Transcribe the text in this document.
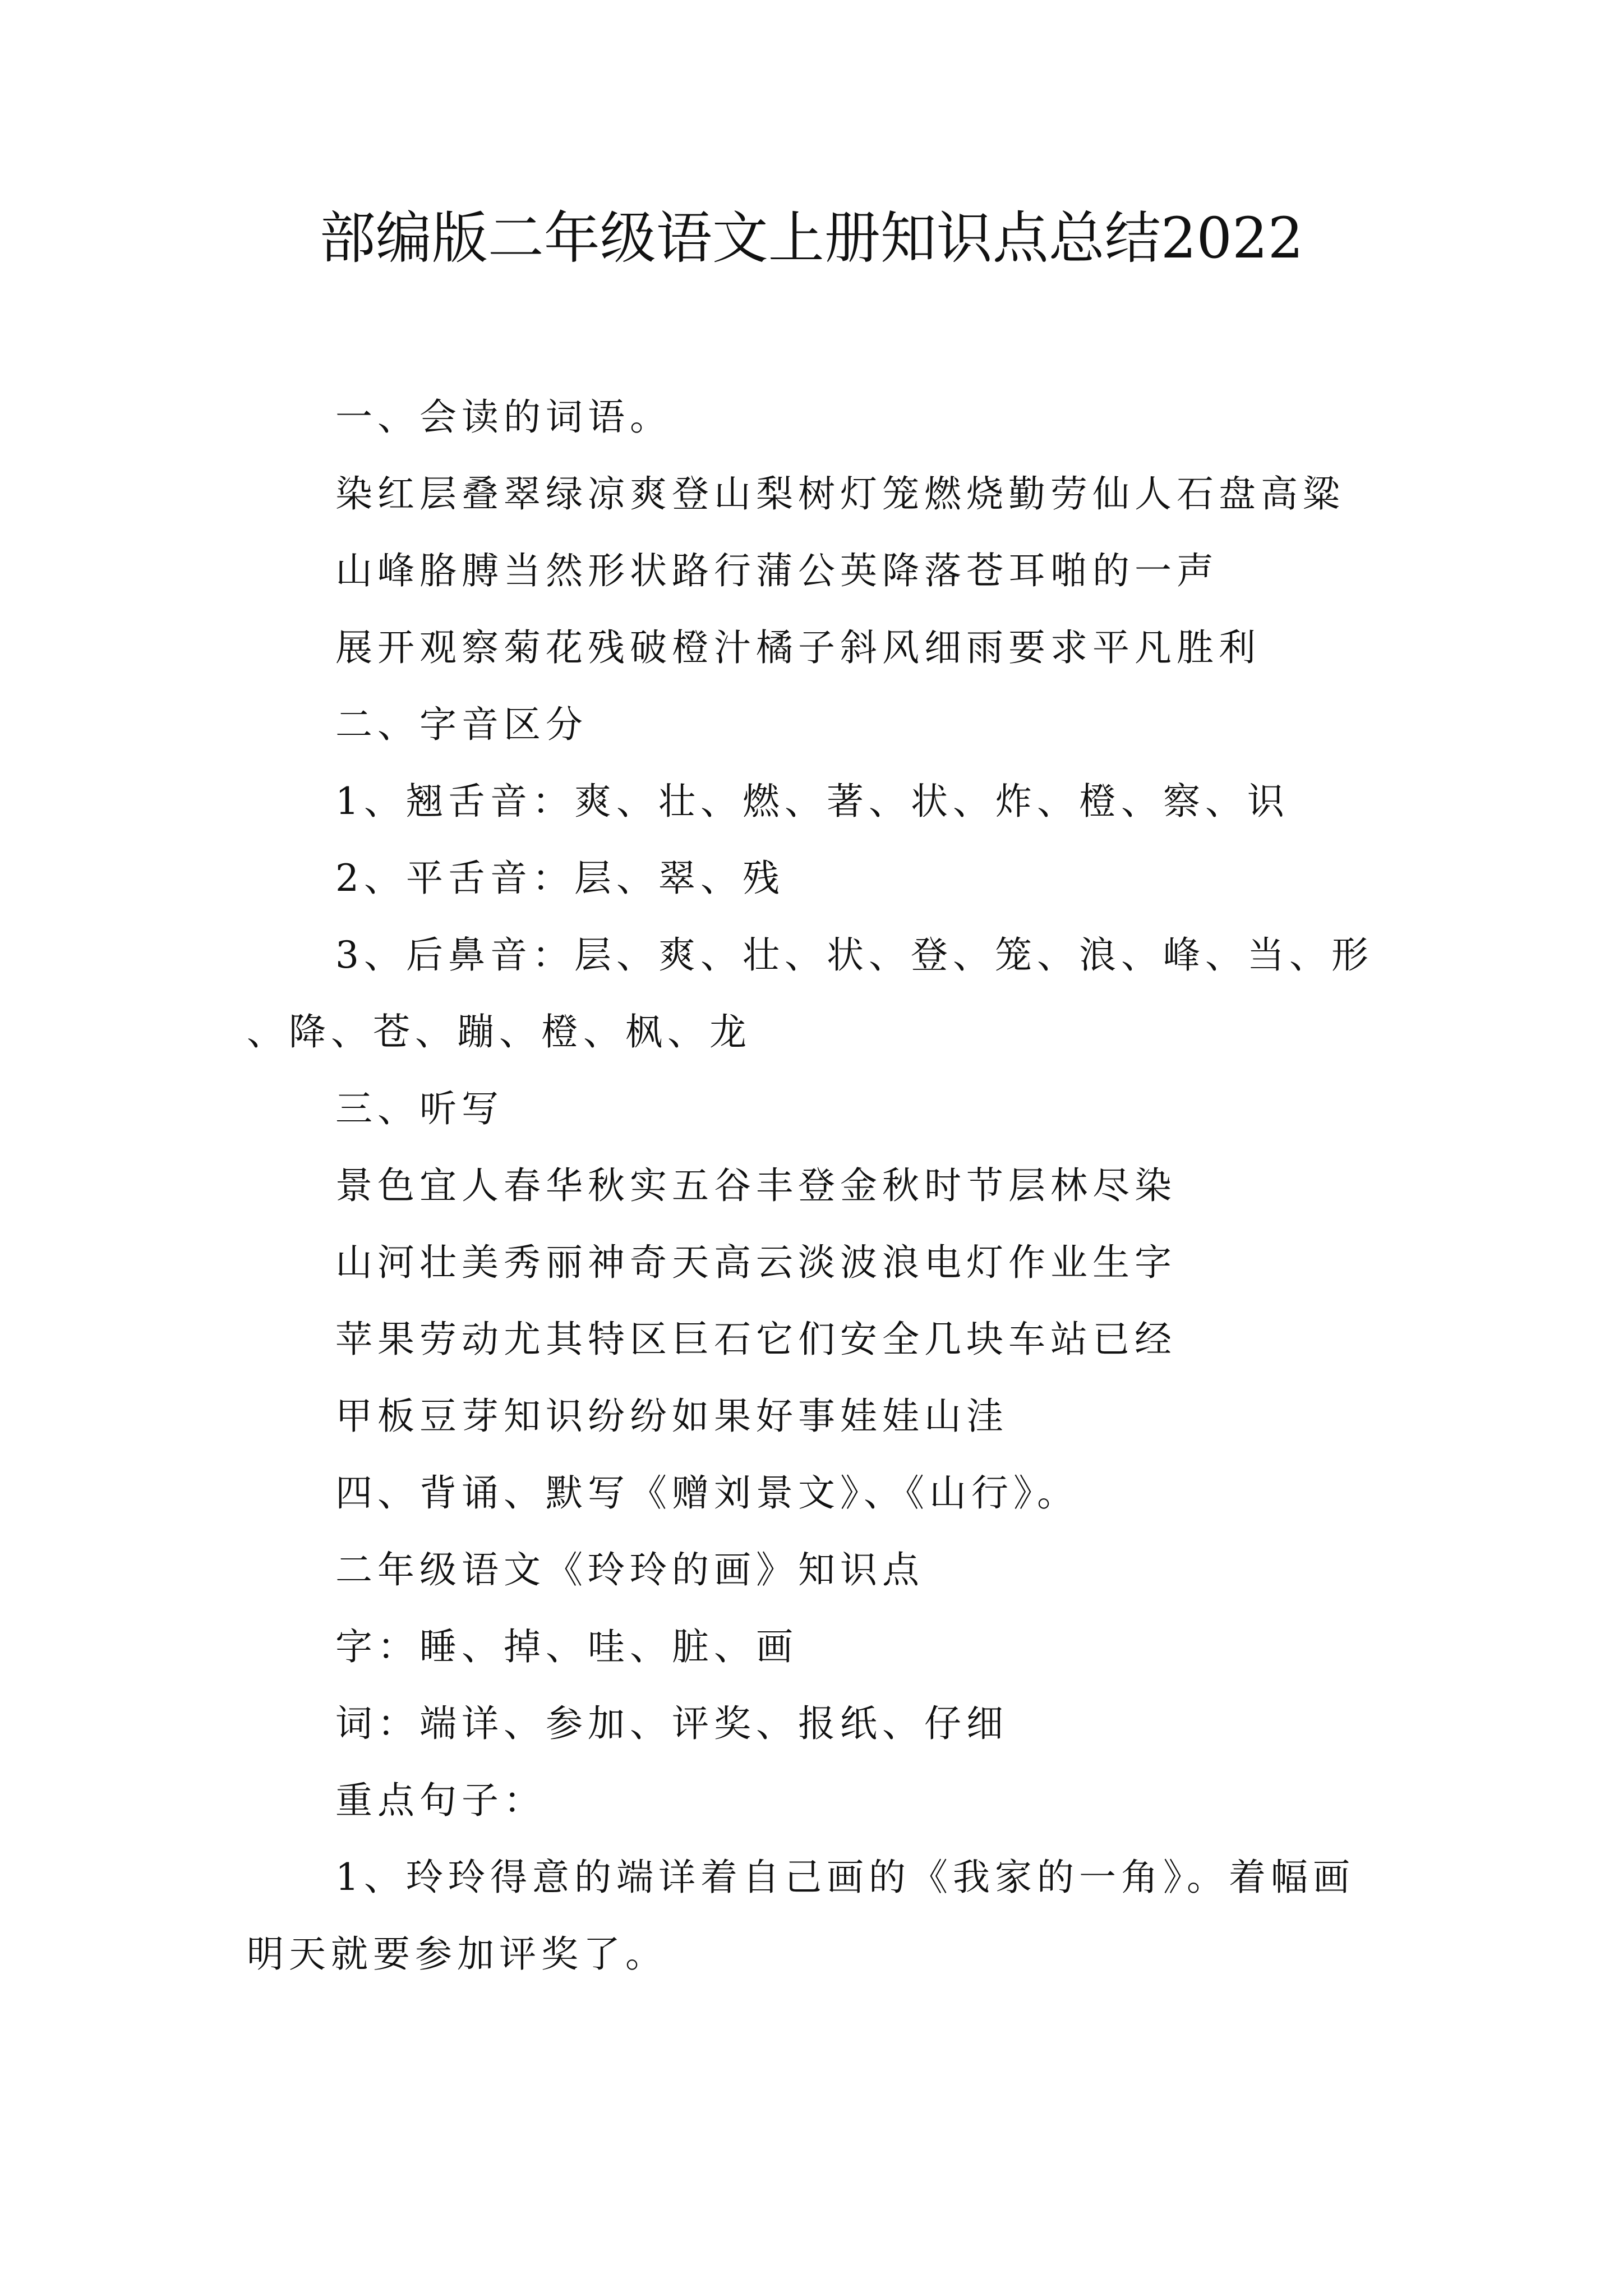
部编版二年级语文上册知识点总结2022

一、会读的词语。

染红层叠翠绿凉爽登山梨树灯笼燃烧勤劳仙人石盘高粱

山峰胳膊当然形状路行蒲公英降落苍耳啪的一声

展开观察菊花残破橙汁橘子斜风细雨要求平凡胜利

二、字音区分

1、翘舌音：爽、壮、燃、著、状、炸、橙、察、识

2、平舌音：层、翠、残

3、后鼻音：层、爽、壮、状、登、笼、浪、峰、当、形、降、苍、蹦、橙、枫、龙

三、听写

景色宜人春华秋实五谷丰登金秋时节层林尽染

山河壮美秀丽神奇天高云淡波浪电灯作业生字

苹果劳动尤其特区巨石它们安全几块车站已经

甲板豆芽知识纷纷如果好事娃娃山洼

四、背诵、默写《赠刘景文》、《山行》。

二年级语文《玲玲的画》知识点

字：睡、掉、哇、脏、画

词：端详、参加、评奖、报纸、仔细

重点句子：

1、玲玲得意的端详着自己画的《我家的一角》。着幅画明天就要参加评奖了。
